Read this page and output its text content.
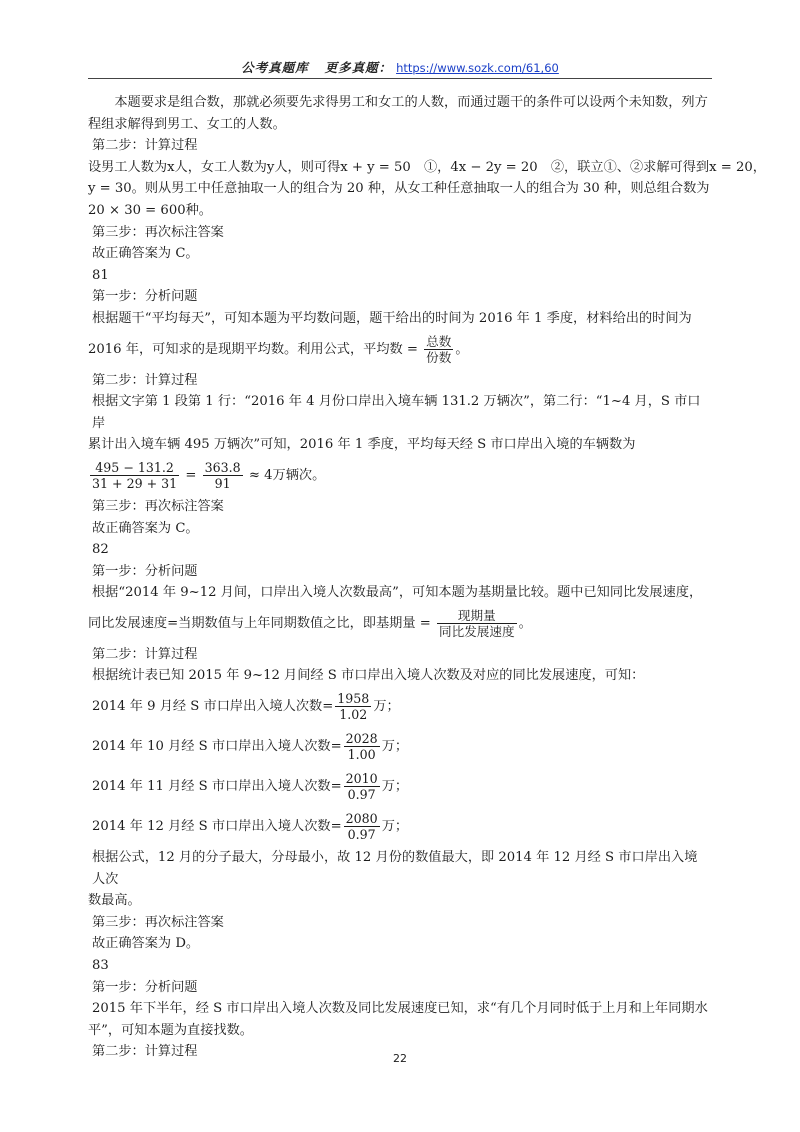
公考真题库 更多真题： https://www.sozk.com/61,60

  本题要求是组合数，那就必须要先求得男工和女工的人数，而通过题干的条件可以设两个未知数，列方程组求解得到男工、女工的人数。

第二步：计算过程

设男工人数为x人，女工人数为y人，则可得x + y = 50　①，4x − 2y = 20　②，联立①、②求解可得到x = 20，

y = 30。则从男工中任意抽取一人的组合为 20 种，从女工种任意抽取一人的组合为 30 种，则总组合数为

20 × 30 = 600种。

第三步：再次标注答案

故正确答案为 C。

81

第一步：分析问题

根据题干“平均每天”，可知本题为平均数问题，题干给出的时间为 2016 年 1 季度，材料给出的时间为

2016 年，可知求的是现期平均数。利用公式，平均数 = $\frac{\text{总数}}{\text{份数}}$ 。

第二步：计算过程

根据文字第 1 段第 1 行：“2016 年 4 月份口岸出入境车辆 131.2 万辆次”，第二行：“1~4 月，S 市口岸

累计出入境车辆 495 万辆次”可知，2016 年 1 季度，平均每天经 S 市口岸出入境的车辆数为

$\frac{495 - 131.2}{31 + 29 + 31} = \frac{363.8}{91} \approx 4$万辆次。

第三步：再次标注答案

故正确答案为 C。

82

第一步：分析问题

根据“2014 年 9~12 月间，口岸出入境人次数最高”，可知本题为基期量比较。题中已知同比发展速度，

同比发展速度=当期数值与上年同期数值之比，即基期量 = $\frac{\text{现期量}}{\text{同比发展速度}}$ 。

第二步：计算过程

根据统计表已知 2015 年 9~12 月间经 S 市口岸出入境人次数及对应的同比发展速度，可知：

2014 年 9 月经 S 市口岸出入境人次数= $\frac{1958}{1.02}$ 万；

2014 年 10 月经 S 市口岸出入境人次数= $\frac{2028}{1.00}$ 万；

2014 年 11 月经 S 市口岸出入境人次数= $\frac{2010}{0.97}$ 万；

2014 年 12 月经 S 市口岸出入境人次数= $\frac{2080}{0.97}$ 万；

根据公式，12 月的分子最大，分母最小，故 12 月份的数值最大，即 2014 年 12 月经 S 市口岸出入境人次

数最高。

第三步：再次标注答案

故正确答案为 D。

83

第一步：分析问题

2015 年下半年，经 S 市口岸出入境人次数及同比发展速度已知，求“有几个月同时低于上月和上年同期水

平”，可知本题为直接找数。

第二步：计算过程	22
